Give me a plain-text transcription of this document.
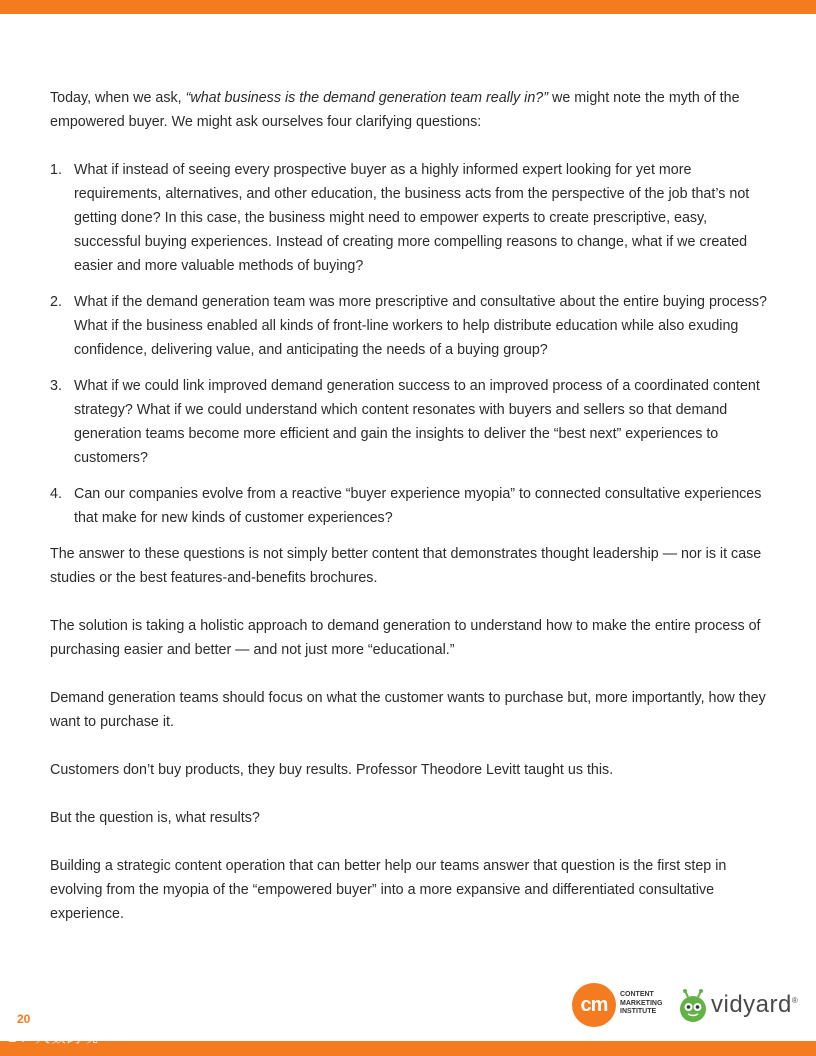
Today, when we ask, “what business is the demand generation team really in?” we might note the myth of the empowered buyer. We might ask ourselves four clarifying questions:

1. What if instead of seeing every prospective buyer as a highly informed expert looking for yet more requirements, alternatives, and other education, the business acts from the perspective of the job that’s not getting done? In this case, the business might need to empower experts to create prescriptive, easy, successful buying experiences. Instead of creating more compelling reasons to change, what if we created easier and more valuable methods of buying?
2. What if the demand generation team was more prescriptive and consultative about the entire buying process? What if the business enabled all kinds of front-line workers to help distribute education while also exuding confidence, delivering value, and anticipating the needs of a buying group?
3. What if we could link improved demand generation success to an improved process of a coordinated content strategy? What if we could understand which content resonates with buyers and sellers so that demand generation teams become more efficient and gain the insights to deliver the “best next” experiences to customers?
4. Can our companies evolve from a reactive “buyer experience myopia” to connected consultative experiences that make for new kinds of customer experiences?

The answer to these questions is not simply better content that demonstrates thought leadership — nor is it case studies or the best features-and-benefits brochures.

The solution is taking a holistic approach to demand generation to understand how to make the entire process of purchasing easier and better — and not just more “educational.”

Demand generation teams should focus on what the customer wants to purchase but, more importantly, how they want to purchase it.

Customers don’t buy products, they buy results. Professor Theodore Levitt taught us this.

But the question is, what results?

Building a strategic content operation that can better help our teams answer that question is the first step in evolving from the myopia of the “empowered buyer” into a more expansive and differentiated consultative experience.

20
cm	CONTENT
MARKETING
INSTITUTE vidyard®
1Ф 大数跨境
